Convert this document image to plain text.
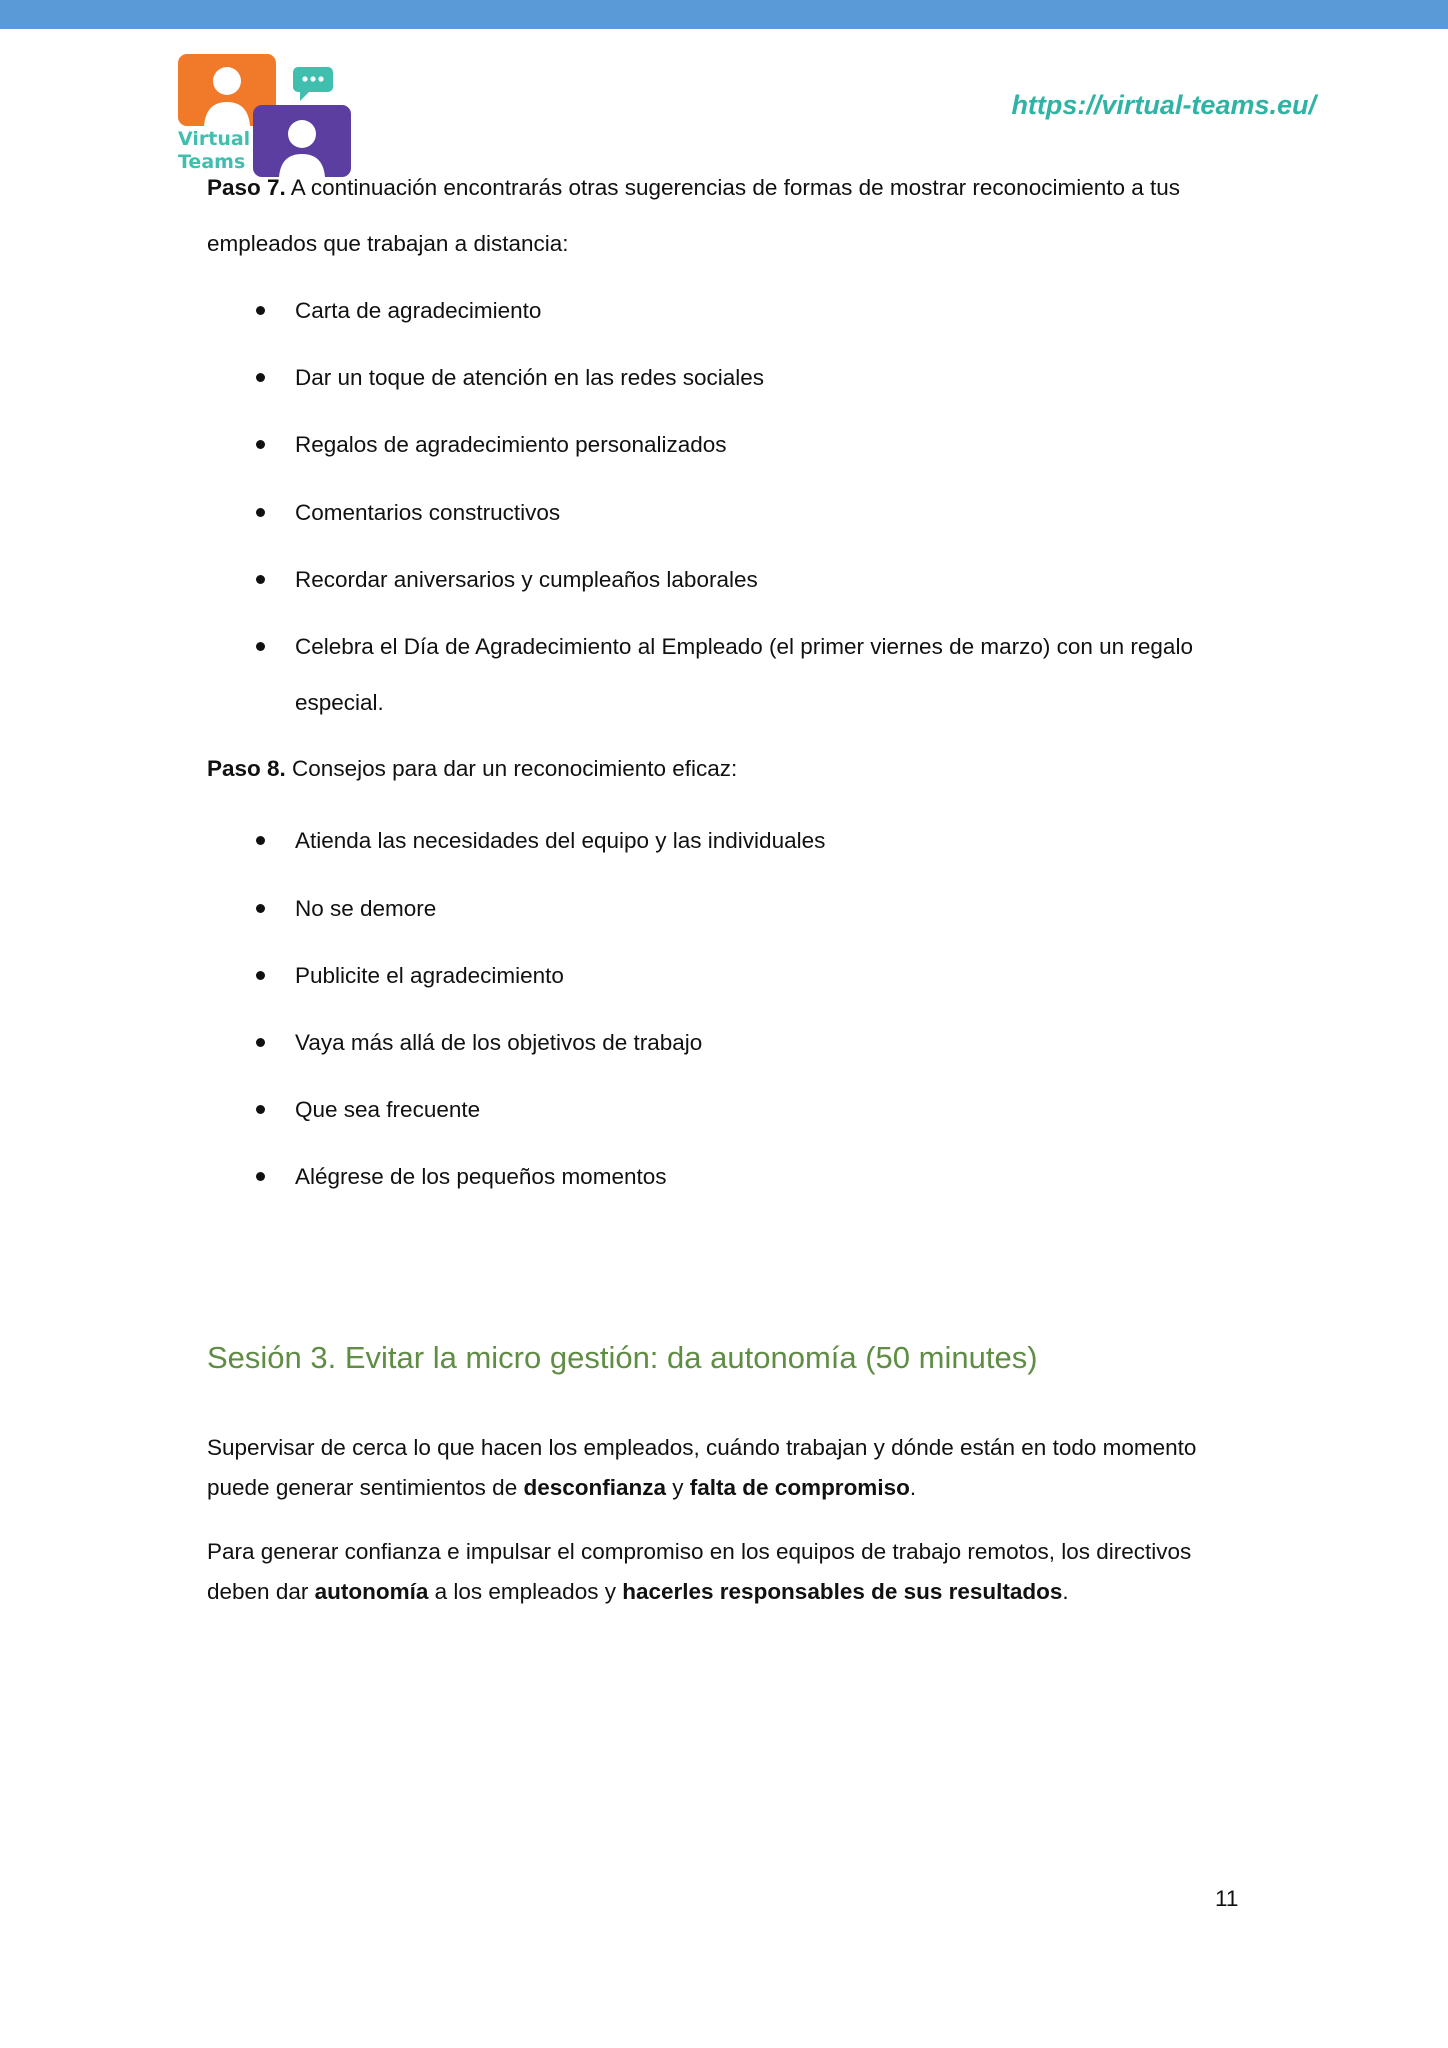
Virtual
Teams
https://virtual-teams.eu/

Paso 7. A continuación encontrarás otras sugerencias de formas de mostrar reconocimiento a tus

empleados que trabajan a distancia:

Carta de agradecimiento
Dar un toque de atención en las redes sociales
Regalos de agradecimiento personalizados
Comentarios constructivos
Recordar aniversarios y cumpleaños laborales
Celebra el Día de Agradecimiento al Empleado (el primer viernes de marzo) con un regalo
especial.

Paso 8. Consejos para dar un reconocimiento eficaz:

Atienda las necesidades del equipo y las individuales
No se demore
Publicite el agradecimiento
Vaya más allá de los objetivos de trabajo
Que sea frecuente
Alégrese de los pequeños momentos
Sesión 3. Evitar la micro gestión: da autonomía (50 minutes)

Supervisar de cerca lo que hacen los empleados, cuándo trabajan y dónde están en todo momento puede generar sentimientos de desconfianza y falta de compromiso.

Para generar confianza e impulsar el compromiso en los equipos de trabajo remotos, los directivos deben dar autonomía a los empleados y hacerles responsables de sus resultados.

11
